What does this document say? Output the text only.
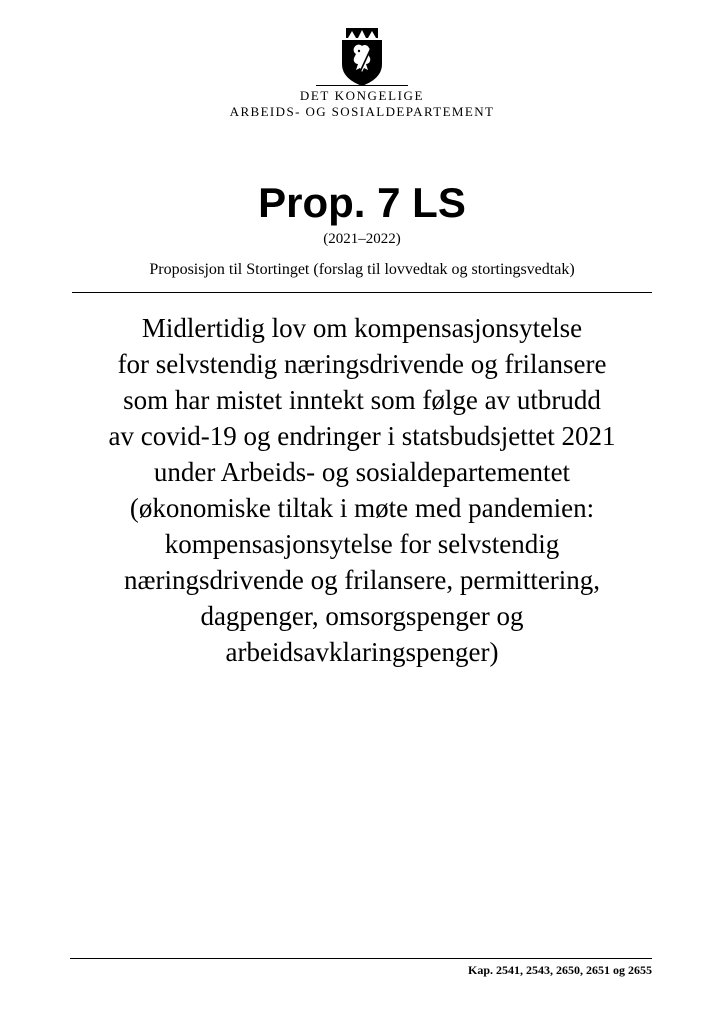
DET KONGELIGE
ARBEIDS- OG SOSIALDEPARTEMENT
Prop. 7 LS
(2021–2022)
Proposisjon til Stortinget (forslag til lovvedtak og stortingsvedtak)
Midlertidig lov om kompensasjonsytelse
for selvstendig næringsdrivende og frilansere
som har mistet inntekt som følge av utbrudd
av covid-19 og endringer i statsbudsjettet 2021
under Arbeids- og sosialdepartementet
(økonomiske tiltak i møte med pandemien:
kompensasjonsytelse for selvstendig
næringsdrivende og frilansere, permittering,
dagpenger, omsorgspenger og
arbeidsavklaringspenger)
Kap. 2541, 2543, 2650, 2651 og 2655
